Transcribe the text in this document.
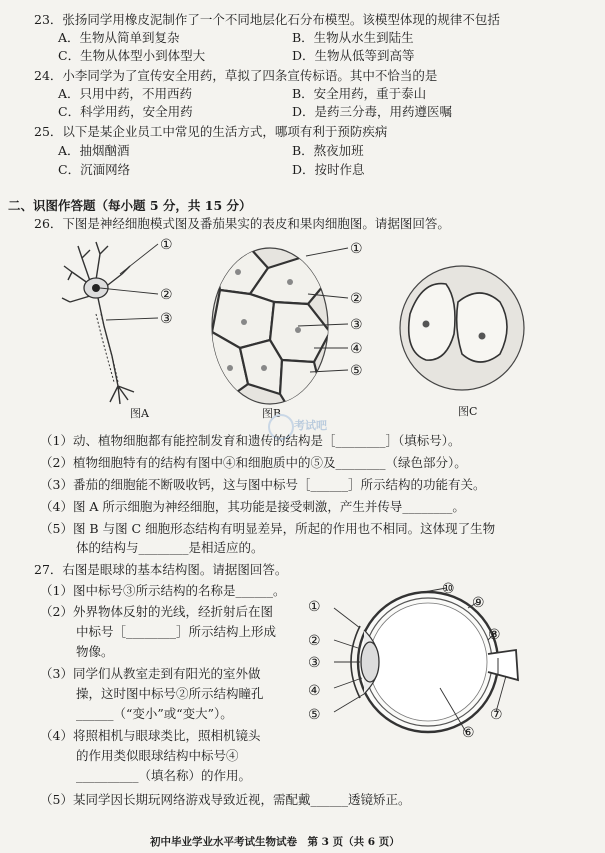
23．张扬同学用橡皮泥制作了一个不同地层化石分布模型。该模型体现的规律不包括
A．生物从简单到复杂	B．生物从水生到陆生
C．生物从体型小到体型大	D．生物从低等到高等
24．小李同学为了宣传安全用药，草拟了四条宣传标语。其中不恰当的是
A．只用中药，不用西药	B．安全用药，重于泰山
C．科学用药，安全用药	D．是药三分毒，用药遵医嘱
25．以下是某企业员工中常见的生活方式，哪项有利于预防疾病
A．抽烟酗酒	B．熬夜加班
C．沉湎网络	D．按时作息
二、识图作答题（每小题 5 分，共 15 分）
26．下图是神经细胞模式图及番茄果实的表皮和果肉细胞图。请据图回答。
①
②
③
图A
①
②
③
④
⑤
图B	图C
考试吧
（1）动、植物细胞都有能控制发育和遗传的结构是［________］（填标号）。
（2）植物细胞特有的结构有图中④和细胞质中的⑤及________（绿色部分）。
（3）番茄的细胞能不断吸收钙，这与图中标号［______］所示结构的功能有关。
（4）图 A 所示细胞为神经细胞，其功能是接受刺激，产生并传导________。
（5）图 B 与图 C 细胞形态结构有明显差异，所起的作用也不相同。这体现了生物
体的结构与________是相适应的。
27．右图是眼球的基本结构图。请据图回答。
（1）图中标号③所示结构的名称是______。
（2）外界物体反射的光线，经折射后在图
中标号［________］所示结构上形成
物像。
（3）同学们从教室走到有阳光的室外做
操，这时图中标号②所示结构瞳孔
______（“变小”或“变大”）。
（4）将照相机与眼球类比，照相机镜头
的作用类似眼球结构中标号④
__________（填名称）的作用。
（5）某同学因长期玩网络游戏导致近视，需配戴______透镜矫正。
①
②
③
④
⑤
⑥
⑦
⑧
⑨
⑩
初中毕业学业水平考试生物试卷　第 3 页（共 6 页）
